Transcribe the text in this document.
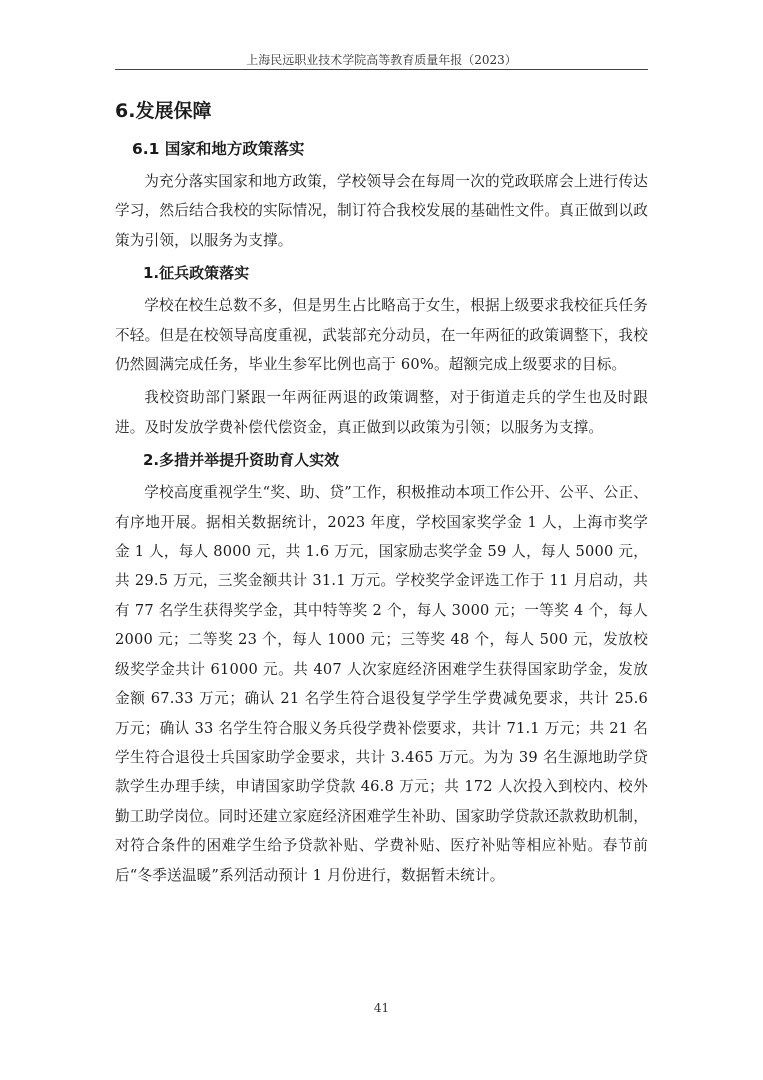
上海民远职业技术学院高等教育质量年报（2023）
6.发展保障
6.1 国家和地方政策落实

为充分落实国家和地方政策，学校领导会在每周一次的党政联席会上进行传达学习，然后结合我校的实际情况，制订符合我校发展的基础性文件。真正做到以政策为引领，以服务为支撑。

1.征兵政策落实

学校在校生总数不多，但是男生占比略高于女生，根据上级要求我校征兵任务不轻。但是在校领导高度重视，武装部充分动员，在一年两征的政策调整下，我校仍然圆满完成任务，毕业生参军比例也高于 60%。超额完成上级要求的目标。

我校资助部门紧跟一年两征两退的政策调整，对于街道走兵的学生也及时跟进。及时发放学费补偿代偿资金，真正做到以政策为引领；以服务为支撑。

2.多措并举提升资助育人实效

学校高度重视学生“奖、助、贷”工作，积极推动本项工作公开、公平、公正、有序地开展。据相关数据统计，2023 年度，学校国家奖学金 1 人，上海市奖学金 1 人，每人 8000 元，共 1.6 万元，国家励志奖学金 59 人，每人 5000 元，共 29.5 万元，三奖金额共计 31.1 万元。学校奖学金评选工作于 11 月启动，共有 77 名学生获得奖学金，其中特等奖 2 个，每人 3000 元；一等奖 4 个，每人 2000 元；二等奖 23 个，每人 1000 元；三等奖 48 个，每人 500 元，发放校级奖学金共计 61000 元。共 407 人次家庭经济困难学生获得国家助学金，发放金额 67.33 万元；确认 21 名学生符合退役复学学生学费减免要求，共计 25.6 万元；确认 33 名学生符合服义务兵役学费补偿要求，共计 71.1 万元；共 21 名学生符合退役士兵国家助学金要求，共计 3.465 万元。为为 39 名生源地助学贷款学生办理手续，申请国家助学贷款 46.8 万元；共 172 人次投入到校内、校外勤工助学岗位。同时还建立家庭经济困难学生补助、国家助学贷款还款救助机制，对符合条件的困难学生给予贷款补贴、学费补贴、医疗补贴等相应补贴。春节前后“冬季送温暖”系列活动预计 1 月份进行，数据暂未统计。

41
